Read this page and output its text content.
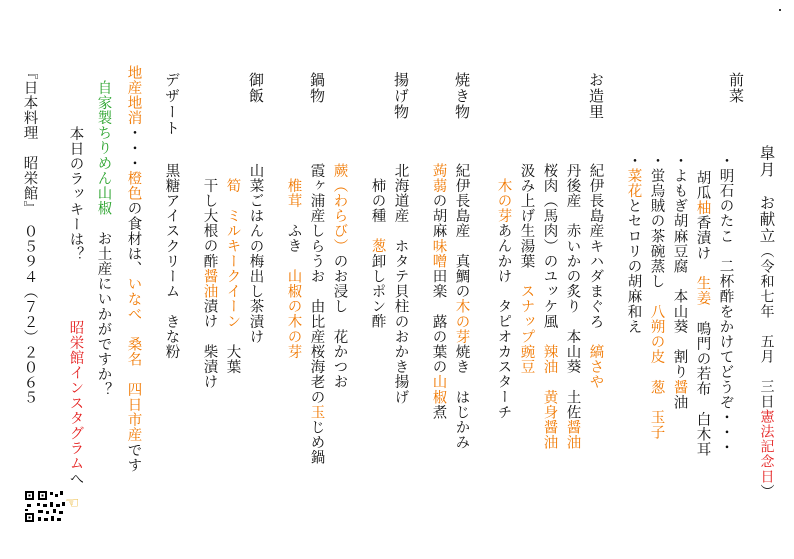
皐月　お献立（令和七年　五月　三日憲法記念日）
前菜
・明石のたこ　二杯酢をかけてどうぞ・・・
胡瓜柚香漬け　生姜　鳴門の若布　白木耳
・よもぎ胡麻豆腐　本山葵　割り醤油
・蛍烏賊の茶碗蒸し　八朔の皮　葱　玉子
・菜花とセロリの胡麻和え
お造里
紀伊長島産キハダまぐろ　縞さや
丹後産　赤いかの炙り　本山葵　土佐醤油
桜肉（馬肉）のユッケ風　辣油　黄身醤油
汲み上げ生湯葉　スナップ豌豆
木の芽あんかけ　タピオカスターチ
焼き物
紀伊長島産　真鯛の木の芽焼き　はじかみ
蒟蒻の胡麻味噌田楽　蕗の葉の山椒煮
揚げ物
北海道産　ホタテ貝柱のおかき揚げ
柿の種　葱卸しポン酢
鍋物
蕨（わらび）のお浸し　花かつお
霞ヶ浦産しらうお　由比産桜海老の玉じめ鍋
椎茸　ふき　山椒の木の芽
御飯
山菜ごはんの梅出し茶漬け
筍　ミルキークイーン　大葉
干し大根の酢醤油漬け　柴漬け
デザート
黒糖アイスクリーム　きな粉
地産地消・・・橙色の食材は、いなべ　桑名　四日市産です
自家製ちりめん山椒　お土産にいかがですか？
本日のラッキーは？
昭栄館インスタグラムへ
『日本料理　昭栄館』　０５９４（７２）２０６５
☜
